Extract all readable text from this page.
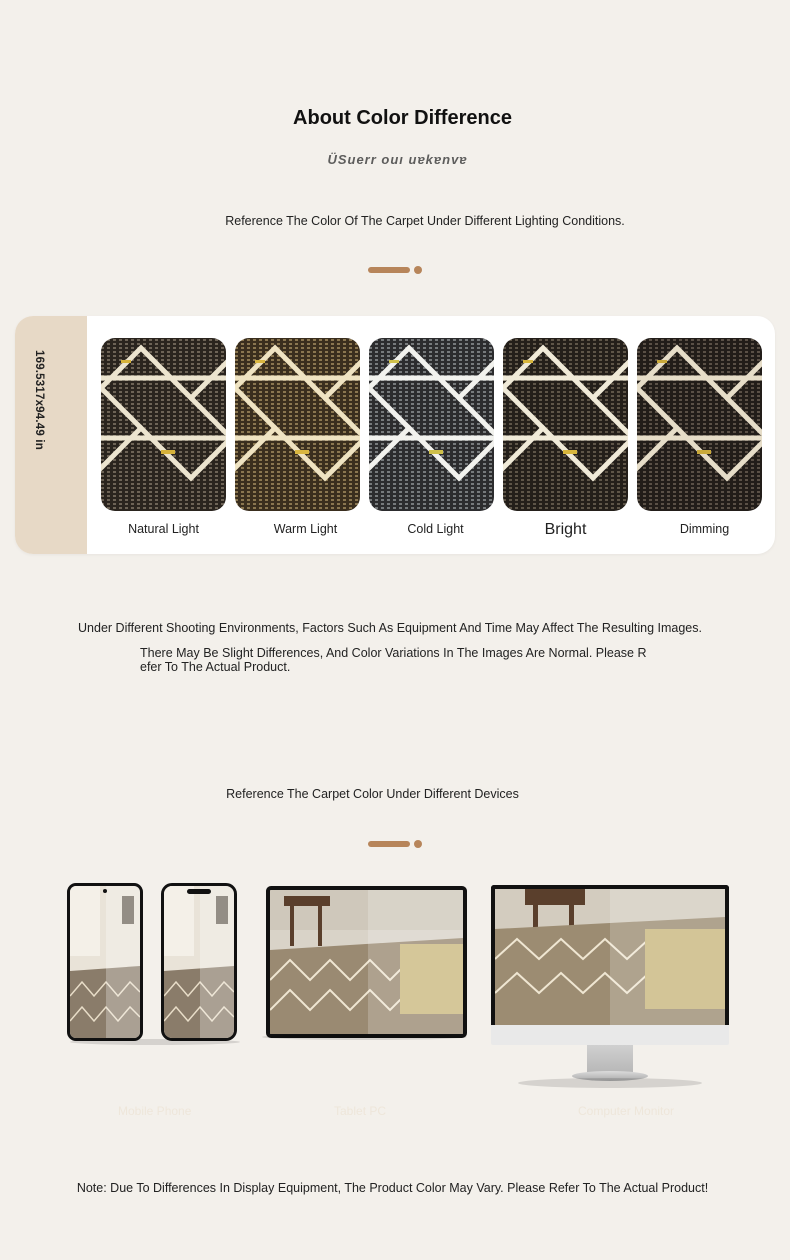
About Color Difference
ÜSuerr ouı uɐkɐnvɐ
Reference The Color Of The Carpet Under Different Lighting Conditions.
169.5317x94.49 in
Natural Light	Warm Light	Cold Light	Bright	Dimming
Under Different Shooting Environments, Factors Such As Equipment And Time May Affect The Resulting Images.
There May Be Slight Differences, And Color Variations In The Images Are Normal. Please R efer To The Actual Product.
Reference The Carpet Color Under Different Devices
Mobile Phone	Tablet PC	Computer Monitor
Note: Due To Differences In Display Equipment, The Product Color May Vary. Please Refer To The Actual Product!
